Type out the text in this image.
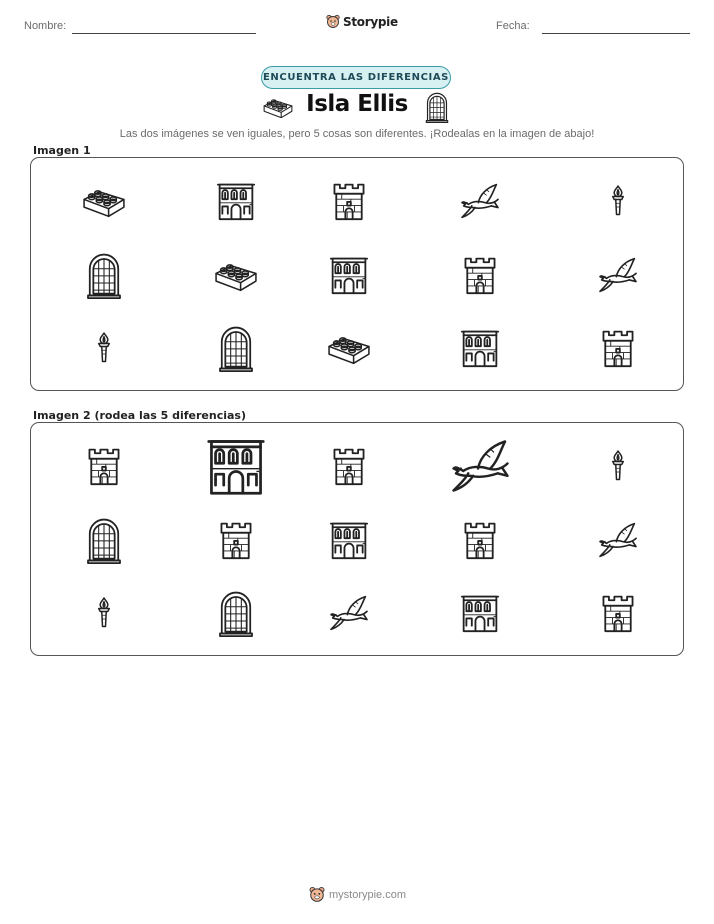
Nombre:	Storypie	Fecha:
ENCUENTRA LAS DIFERENCIAS
Isla Ellis
Las dos imágenes se ven iguales, pero 5 cosas son diferentes. ¡Rodealas en la imagen de abajo!
Imagen 1
Imagen 2 (rodea las 5 diferencias)
mystorypie.com
